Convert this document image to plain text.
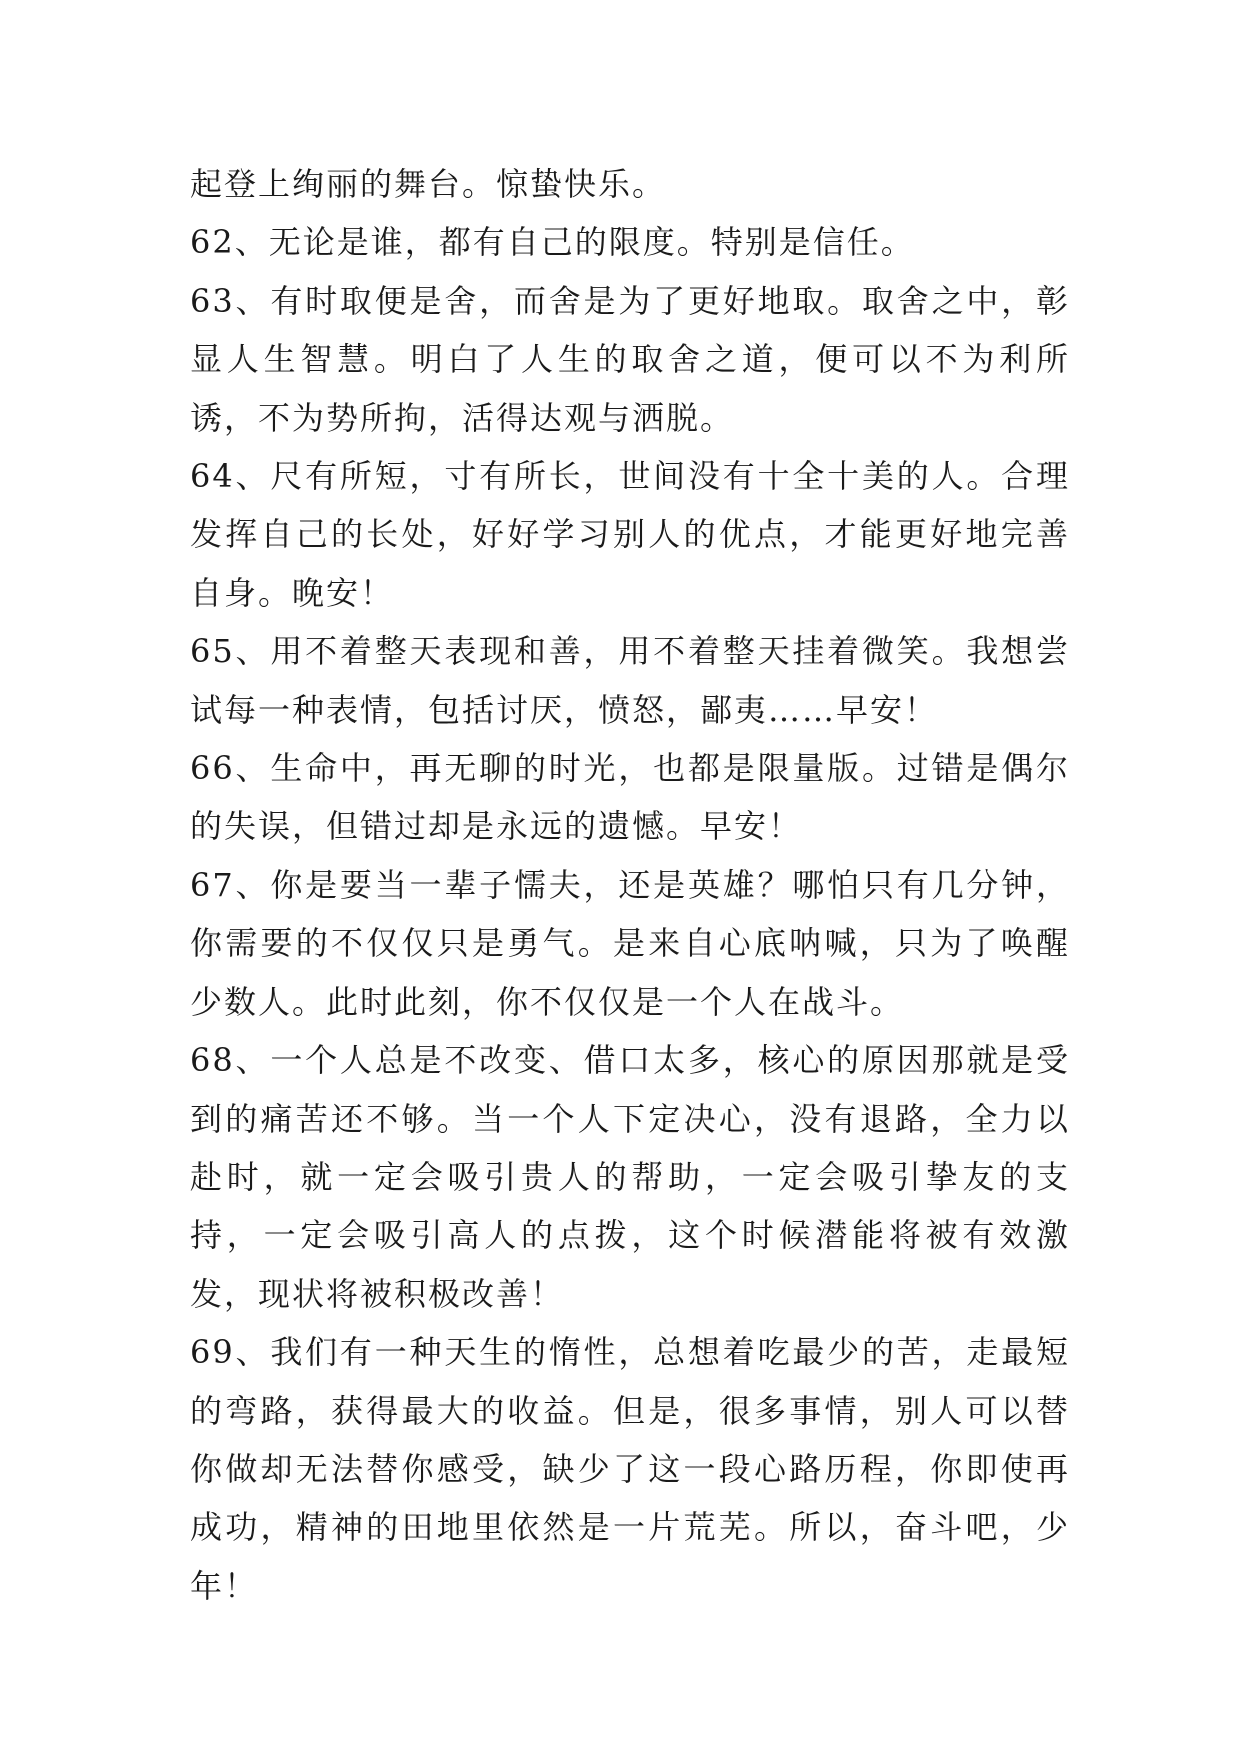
起登上绚丽的舞台。惊蛰快乐。

62、无论是谁，都有自己的限度。特别是信任。

63、有时取便是舍，而舍是为了更好地取。取舍之中，彰显人生智慧。明白了人生的取舍之道，便可以不为利所诱，不为势所拘，活得达观与洒脱。

64、尺有所短，寸有所长，世间没有十全十美的人。合理发挥自己的长处，好好学习别人的优点，才能更好地完善自身。晚安！

65、用不着整天表现和善，用不着整天挂着微笑。我想尝试每一种表情，包括讨厌，愤怒，鄙夷……早安！

66、生命中，再无聊的时光，也都是限量版。过错是偶尔的失误，但错过却是永远的遗憾。早安！

67、你是要当一辈子懦夫，还是英雄？哪怕只有几分钟，你需要的不仅仅只是勇气。是来自心底呐喊，只为了唤醒少数人。此时此刻，你不仅仅是一个人在战斗。

68、一个人总是不改变、借口太多，核心的原因那就是受到的痛苦还不够。当一个人下定决心，没有退路，全力以赴时，就一定会吸引贵人的帮助，一定会吸引挚友的支持，一定会吸引高人的点拨，这个时候潜能将被有效激发，现状将被积极改善！

69、我们有一种天生的惰性，总想着吃最少的苦，走最短的弯路，获得最大的收益。但是，很多事情，别人可以替你做却无法替你感受，缺少了这一段心路历程，你即使再成功，精神的田地里依然是一片荒芜。所以，奋斗吧，少年！
